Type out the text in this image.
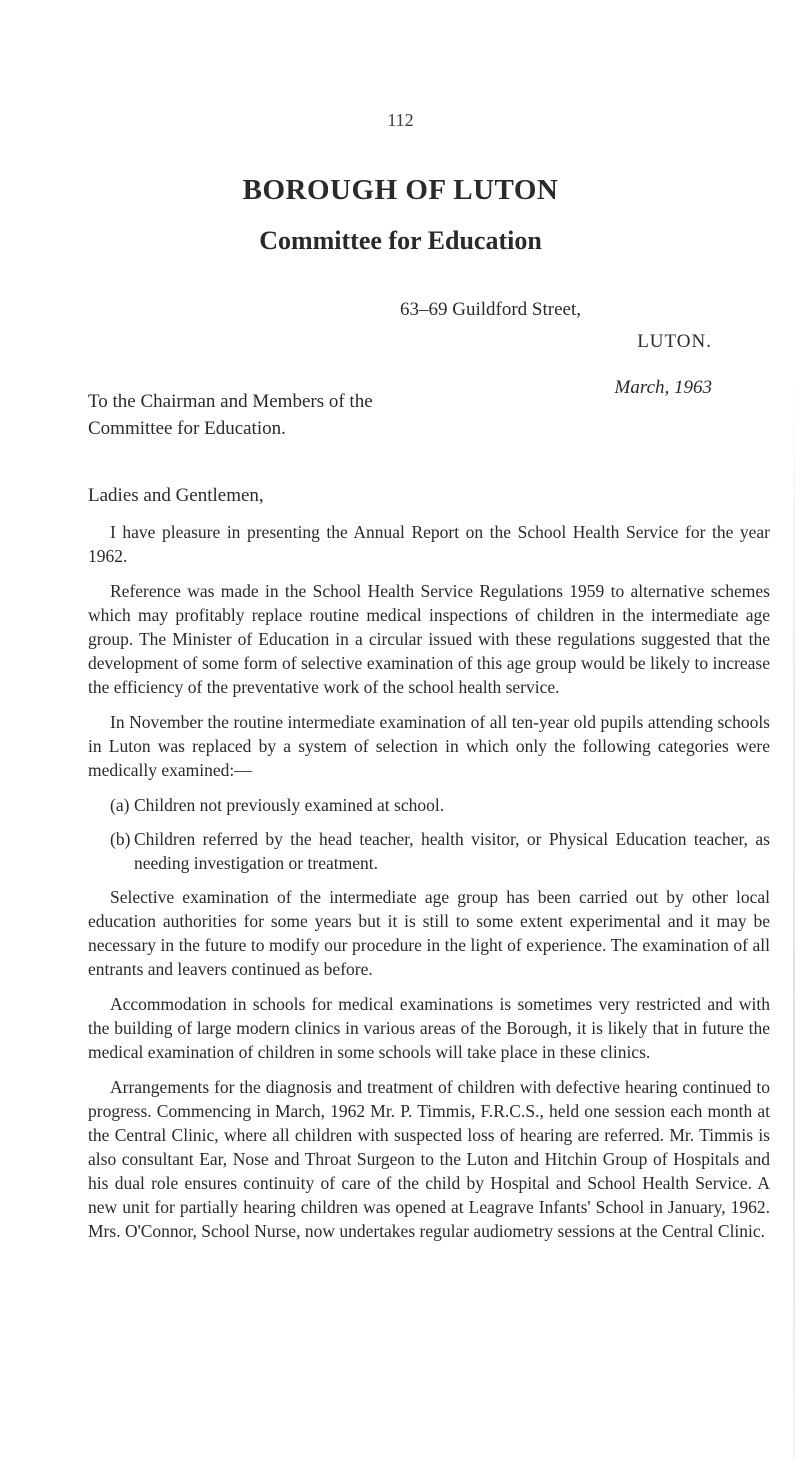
112
BOROUGH OF LUTON
Committee for Education
63–69 Guildford Street,
LUTON.
March, 1963
To the Chairman and Members of the
Committee for Education.
Ladies and Gentlemen,

I have pleasure in presenting the Annual Report on the School Health Service for the year 1962.

Reference was made in the School Health Service Regulations 1959 to alternative schemes which may profitably replace routine medical inspections of children in the intermediate age group. The Minister of Education in a circular issued with these regulations suggested that the development of some form of selective examination of this age group would be likely to increase the efficiency of the preventative work of the school health service.

In November the routine intermediate examination of all ten-year old pupils attending schools in Luton was replaced by a system of selection in which only the following categories were medically examined:—

(a) Children not previously examined at school.
(b) Children referred by the head teacher, health visitor, or Physical Education teacher, as needing investigation or treatment.

Selective examination of the intermediate age group has been carried out by other local education authorities for some years but it is still to some extent experimental and it may be necessary in the future to modify our procedure in the light of experience. The examination of all entrants and leavers continued as before.

Accommodation in schools for medical examinations is sometimes very restricted and with the building of large modern clinics in various areas of the Borough, it is likely that in future the medical examination of children in some schools will take place in these clinics.

Arrangements for the diagnosis and treatment of children with defective hearing continued to progress. Commencing in March, 1962 Mr. P. Timmis, F.R.C.S., held one session each month at the Central Clinic, where all children with suspected loss of hearing are referred. Mr. Timmis is also consultant Ear, Nose and Throat Surgeon to the Luton and Hitchin Group of Hospitals and his dual role ensures continuity of care of the child by Hospital and School Health Service. A new unit for partially hearing children was opened at Leagrave Infants' School in January, 1962. Mrs. O'Connor, School Nurse, now undertakes regular audiometry sessions at the Central Clinic.
